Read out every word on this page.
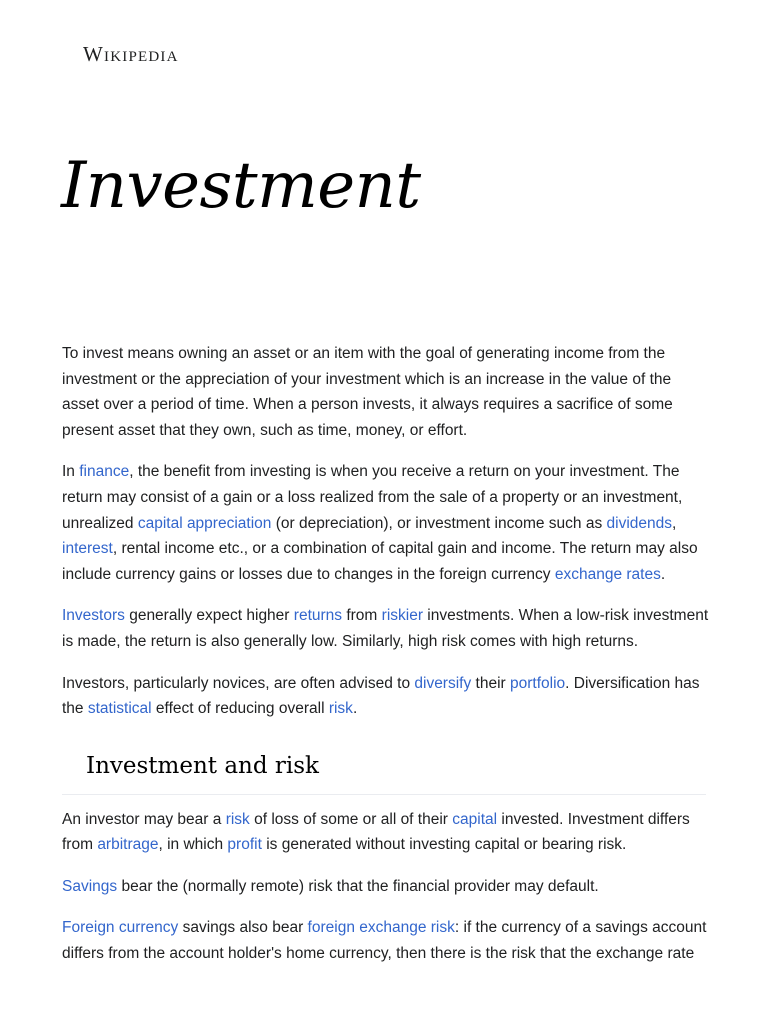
Wikipedia
Investment

To invest means owning an asset or an item with the goal of generating income from the investment or the appreciation of your investment which is an increase in the value of the asset over a period of time. When a person invests, it always requires a sacrifice of some present asset that they own, such as time, money, or effort.

In finance, the benefit from investing is when you receive a return on your investment. The return may consist of a gain or a loss realized from the sale of a property or an investment, unrealized capital appreciation (or depreciation), or investment income such as dividends, interest, rental income etc., or a combination of capital gain and income. The return may also include currency gains or losses due to changes in the foreign currency exchange rates.

Investors generally expect higher returns from riskier investments. When a low-risk investment is made, the return is also generally low. Similarly, high risk comes with high returns.

Investors, particularly novices, are often advised to diversify their portfolio. Diversification has the statistical effect of reducing overall risk.

Investment and risk

An investor may bear a risk of loss of some or all of their capital invested. Investment differs from arbitrage, in which profit is generated without investing capital or bearing risk.

Savings bear the (normally remote) risk that the financial provider may default.

Foreign currency savings also bear foreign exchange risk: if the currency of a savings account differs from the account holder's home currency, then there is the risk that the exchange rate
